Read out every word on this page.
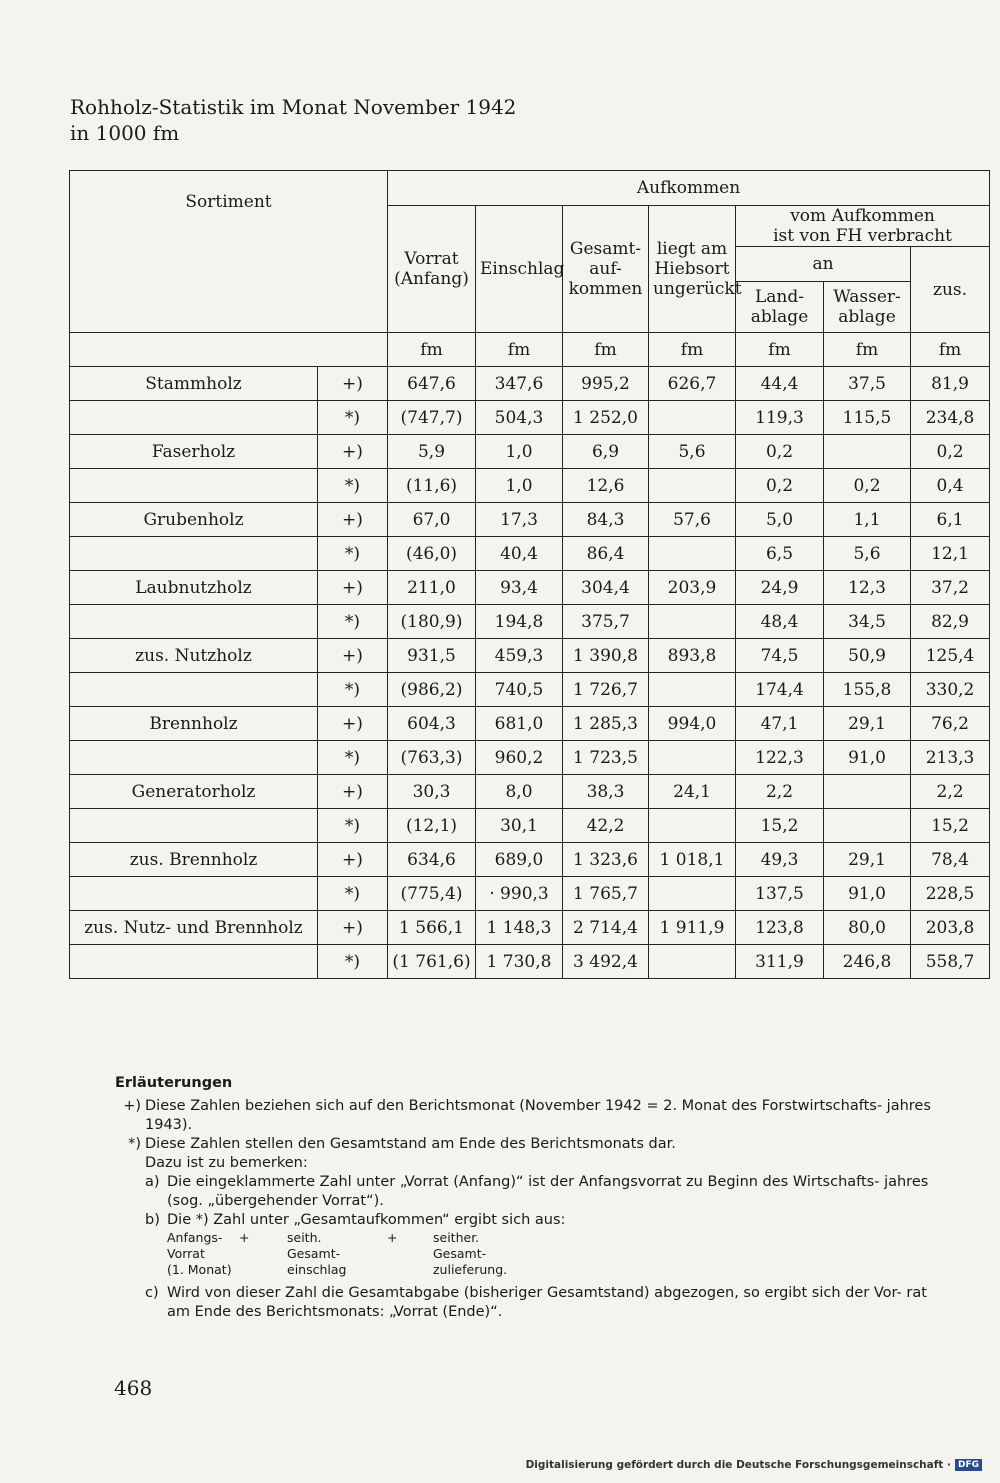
Rohholz-Statistik im Monat November 1942
in 1000 fm
Sortiment		Aufkommen						
		Vorrat (Anfang)	Einschlag	Gesamt- auf- kommen	liegt am Hiebsort ungerückt	vom Aufkommen
ist von FH verbracht		
						an		zus.
						Land- ablage	Wasser- ablage	
		fm	fm	fm	fm	fm	fm	fm
Stammholz	+)	647,6	347,6	995,2	626,7	44,4	37,5	81,9
	*)	(747,7)	504,3	1 252,0		119,3	115,5	234,8
Faserholz	+)	5,9	1,0	6,9	5,6	0,2		0,2
	*)	(11,6)	1,0	12,6		0,2	0,2	0,4
Grubenholz	+)	67,0	17,3	84,3	57,6	5,0	1,1	6,1
	*)	(46,0)	40,4	86,4		6,5	5,6	12,1
Laubnutzholz	+)	211,0	93,4	304,4	203,9	24,9	12,3	37,2
	*)	(180,9)	194,8	375,7		48,4	34,5	82,9
zus. Nutzholz	+)	931,5	459,3	1 390,8	893,8	74,5	50,9	125,4
	*)	(986,2)	740,5	1 726,7		174,4	155,8	330,2
Brennholz	+)	604,3	681,0	1 285,3	994,0	47,1	29,1	76,2
	*)	(763,3)	960,2	1 723,5		122,3	91,0	213,3
Generatorholz	+)	30,3	8,0	38,3	24,1	2,2		2,2
	*)	(12,1)	30,1	42,2		15,2		15,2
zus. Brennholz	+)	634,6	689,0	1 323,6	1 018,1	49,3	29,1	78,4
	*)	(775,4)	· 990,3	1 765,7		137,5	91,0	228,5
zus. Nutz- und Brennholz	+)	1 566,1	1 148,3	2 714,4	1 911,9	123,8	80,0	203,8
	*)	(1 761,6)	1 730,8	3 492,4		311,9	246,8	558,7
Erläuterungen
+) Diese Zahlen beziehen sich auf den Berichtsmonat (November 1942 = 2. Monat des Forstwirtschafts- jahres 1943).
*) Diese Zahlen stellen den Gesamtstand am Ende des Berichtsmonats dar.
Dazu ist zu bemerken:
a) Die eingeklammerte Zahl unter „Vorrat (Anfang)“ ist der Anfangsvorrat zu Beginn des Wirtschafts- jahres
(sog. „übergehender Vorrat“).
b) Die *) Zahl unter „Gesamtaufkommen“ ergibt sich aus:
Anfangs-
Vorrat
(1. Monat)
+	seith.
Gesamt-
einschlag
+	seither.
Gesamt-
zulieferung.
c) Wird von dieser Zahl die Gesamtabgabe (bisheriger Gesamtstand) abgezogen, so ergibt sich der Vor- rat am Ende des Berichtsmonats: „Vorrat (Ende)“.
468
Digitalisierung gefördert durch die Deutsche Forschungsgemeinschaft · DFG
